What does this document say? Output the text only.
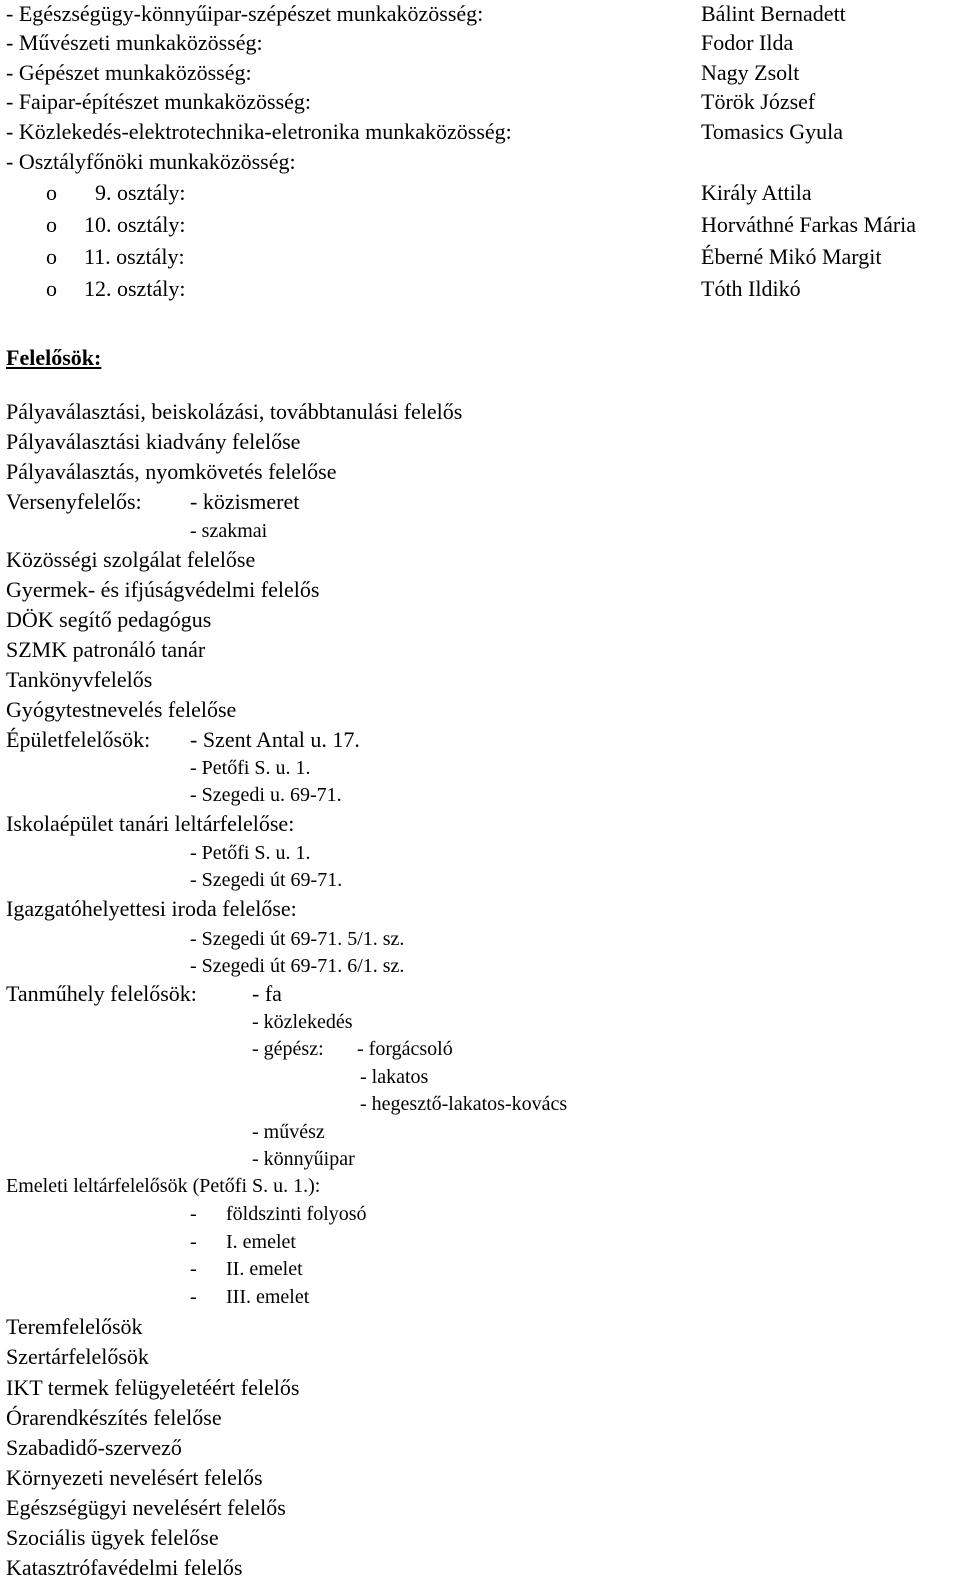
- Egészségügy-könnyűipar-szépészet munkaközösség:	Bálint Bernadett
- Művészeti munkaközösség:	Fodor Ilda
- Gépészet munkaközösség:	Nagy Zsolt
- Faipar-építészet munkaközösség:	Török József
- Közlekedés-elektrotechnika-eletronika munkaközösség:	Tomasics Gyula
- Osztályfőnöki munkaközösség:
o 9. osztály:	Király Attila
o 10. osztály:	Horváthné Farkas Mária
o 11. osztály:	Éberné Mikó Margit
o 12. osztály:	Tóth Ildikó
Felelősök:
Pályaválasztási, beiskolázási, továbbtanulási felelős
Pályaválasztási kiadvány felelőse
Pályaválasztás, nyomkövetés felelőse
Versenyfelelős: - közismeret
- szakmai
Közösségi szolgálat felelőse
Gyermek- és ifjúságvédelmi felelős
DÖK segítő pedagógus
SZMK patronáló tanár
Tankönyvfelelős
Gyógytestnevelés felelőse
Épületfelelősök: - Szent Antal u. 17.
- Petőfi S. u. 1.
- Szegedi u. 69-71.
Iskolaépület tanári leltárfelelőse:
- Petőfi S. u. 1.
- Szegedi út 69-71.
Igazgatóhelyettesi iroda felelőse:
- Szegedi út 69-71. 5/1. sz.
- Szegedi út 69-71. 6/1. sz.
Tanműhely felelősök:	- fa
- közlekedés
- gépész: - forgácsoló
- lakatos
- hegesztő-lakatos-kovács
- művész
- könnyűipar
Emeleti leltárfelelősök (Petőfi S. u. 1.):
- földszinti folyosó
- I. emelet
- II. emelet
- III. emelet
Teremfelelősök
Szertárfelelősök
IKT termek felügyeletéért felelős
Órarendkészítés felelőse
Szabadidő-szervező
Környezeti nevelésért felelős
Egészségügyi nevelésért felelős
Szociális ügyek felelőse
Katasztrófavédelmi felelős
